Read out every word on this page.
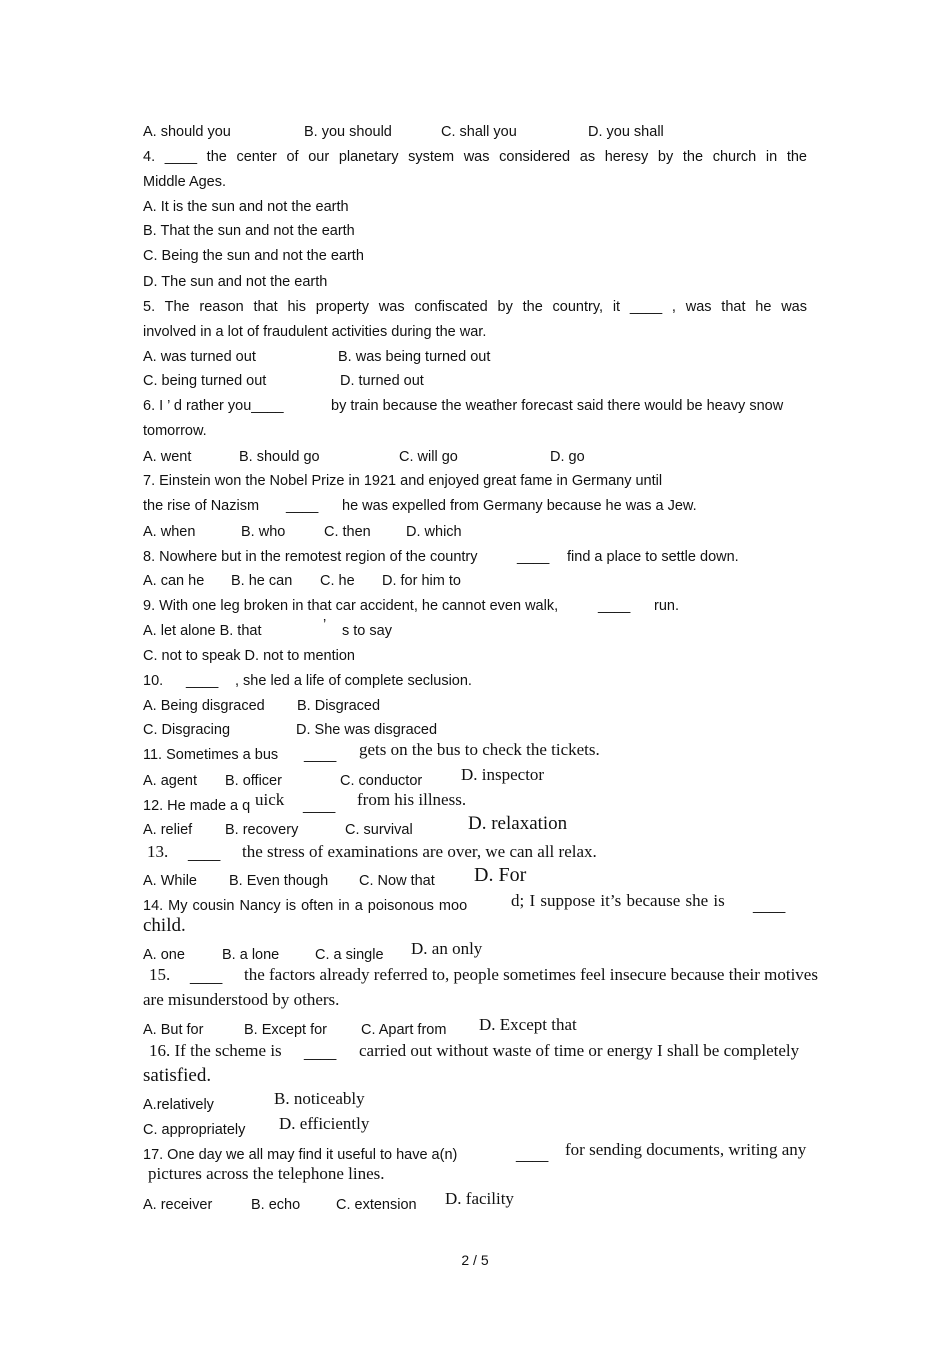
A. should you	B. you should	C. shall you	D. you shall
4. ____ the center of our planetary system was considered as heresy by the church in the
Middle Ages.
A. It is the sun and not the earth
B. That the sun and not the earth
C. Being the sun and not the earth
D. The sun and not the earth
5. The reason that his property was confiscated by the country, it ____ , was that he was
involved in a lot of fraudulent activities during the war.
A. was turned out	B. was being turned out
C. being turned out	D. turned out
6. I ’ d rather you____	by train because the weather forecast said there would be heavy snow
tomorrow.
A. went	B. should go	C. will go	D. go
7. Einstein won the Nobel Prize in 1921 and enjoyed great fame in Germany until
the rise of Nazism ____ he was expelled from Germany because he was a Jew.
A. when	B. who	C. then D. which
8. Nowhere but in the remotest region of the country	____ find a place to settle down.
A. can he B. he can C. he D. for him to
9. With one leg broken in that car accident, he cannot even walk,	____ run.
A. let alone B. that	’ s to say
C. not to speak D. not to mention
10. ____ , she led a life of complete seclusion.
A. Being disgraced B. Disgraced
C. Disgracing	D. She was disgraced
11. Sometimes a bus ____ gets on the bus to check the tickets.
A. agent B. officer	C. conductor D. inspector
12. He made a q uick ____ from his illness.
A. relief B. recovery	C. survival	D. relaxation
13. ____ the stress of examinations are over, we can all relax.
A. While B. Even though C. Now that D. For
14. My cousin Nancy is often in a poisonous moo	d; I suppose it’s because she is ____
child.
A. one	B. a lone C. a single D. an only
15. ____ the factors already referred to, people sometimes feel insecure because their motives
are misunderstood by others.
A. But for	B. Except for C. Apart from D. Except that
16. If the scheme is ____ carried out without waste of time or energy I shall be completely
satisfied.
A.relatively	B. noticeably
C. appropriately D. efficiently
17. One day we all may find it useful to have a(n)	____ for sending documents, writing any
pictures across the telephone lines.
A. receiver	B. echo C. extension D. facility
2 / 5
